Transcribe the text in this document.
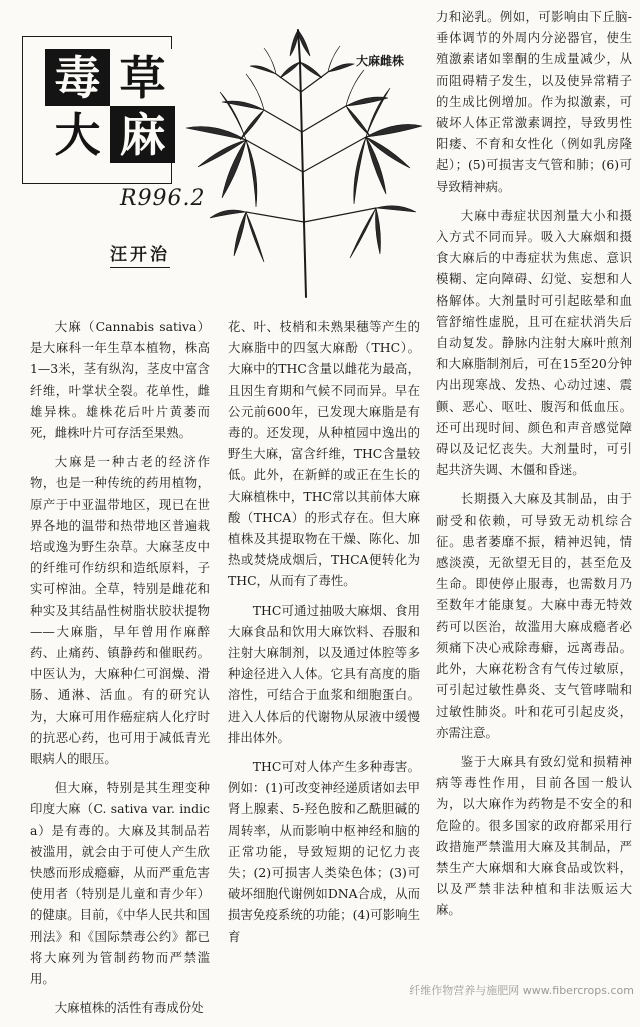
毒 草
大 麻
大麻雌株
R996.2
汪开治

大麻（Cannabis sativa）是大麻科一年生草本植物，株高1—3米，茎有纵沟，茎皮中富含纤维，叶掌状全裂。花单性，雌雄异株。雄株花后叶片黄萎而死，雌株叶片可存活至果熟。

大麻是一种古老的经济作物，也是一种传统的药用植物，原产于中亚温带地区，现已在世界各地的温带和热带地区普遍栽培或逸为野生杂草。大麻茎皮中的纤维可作纺织和造纸原料，子实可榨油。全草，特别是雌花和种实及其结晶性树脂状胶状提物——大麻脂，早年曾用作麻醉药、止痛药、镇静药和催眠药。中医认为，大麻种仁可润燥、滑肠、通淋、活血。有的研究认为，大麻可用作癌症病人化疗时的抗恶心药，也可用于减低青光眼病人的眼压。

但大麻，特别是其生理变种印度大麻（C. sativa var. indica）是有毒的。大麻及其制品若被滥用，就会由于可使人产生欣快感而形成瘾癖，从而严重危害使用者（特别是儿童和青少年）的健康。目前，《中华人民共和国刑法》和《国际禁毒公约》都已将大麻列为管制药物而严禁滥用。

大麻植株的活性有毒成份处

花、叶、枝梢和未熟果穗等产生的大麻脂中的四氢大麻酚（THC）。大麻中的THC含量以雌花为最高，且因生育期和气候不同而异。早在公元前600年，已发现大麻脂是有毒的。还发现，从种植园中逸出的野生大麻，富含纤维，THC含量较低。此外，在新鲜的或正在生长的大麻植株中，THC常以其前体大麻酸（THCA）的形式存在。但大麻植株及其提取物在干燥、陈化、加热或焚烧成烟后，THCA便转化为THC，从而有了毒性。

THC可通过抽吸大麻烟、食用大麻食品和饮用大麻饮料、吞服和注射大麻制剂，以及通过体腔等多种途径进入人体。它具有高度的脂溶性，可结合于血浆和细胞蛋白。进入人体后的代谢物从尿液中缓慢排出体外。

THC可对人体产生多种毒害。例如：(1)可改变神经递质诸如去甲肾上腺素、5-羟色胺和乙酰胆碱的周转率，从而影响中枢神经和脑的正常功能，导致短期的记忆力丧失；(2)可损害人类染色体；(3)可破坏细胞代谢例如DNA合成，从而损害免疫系统的功能；(4)可影响生育

力和泌乳。例如，可影响由下丘脑-垂体调节的外周内分泌器官，使生殖激素诸如睾酮的生成量减少，从而阻碍精子发生，以及使异常精子的生成比例增加。作为拟激素，可破坏人体正常激素调控，导致男性阳痿、不育和女性化（例如乳房隆起）；(5)可损害支气管和肺；(6)可导致精神病。

大麻中毒症状因剂量大小和摄入方式不同而异。吸入大麻烟和摄食大麻后的中毒症状为焦虑、意识模糊、定向障碍、幻觉、妄想和人格解体。大剂量时可引起眩晕和血管舒缩性虚脱，且可在症状消失后自动复发。静脉内注射大麻叶煎剂和大麻脂制剂后，可在15至20分钟内出现寒战、发热、心动过速、震颤、恶心、呕吐、腹泻和低血压。还可出现时间、颜色和声音感觉障碍以及记忆丧失。大剂量时，可引起共济失调、木僵和昏迷。

长期摄入大麻及其制品，由于耐受和依赖，可导致无动机综合征。患者萎靡不振，精神迟钝，情感淡漠，无欲望无目的，甚至危及生命。即使停止服毒，也需数月乃至数年才能康复。大麻中毒无特效药可以医治，故滥用大麻成瘾者必须痛下决心戒除毒癖，远离毒品。此外，大麻花粉含有气传过敏原，可引起过敏性鼻炎、支气管哮喘和过敏性肺炎。叶和花可引起皮炎，亦需注意。

鉴于大麻具有致幻觉和损精神病等毒性作用，目前各国一般认为，以大麻作为药物是不安全的和危险的。很多国家的政府都采用行政措施严禁滥用大麻及其制品，严禁生产大麻烟和大麻食品或饮料，以及严禁非法种植和非法贩运大麻。

纤维作物营养与施肥网 www.fibercrops.com
